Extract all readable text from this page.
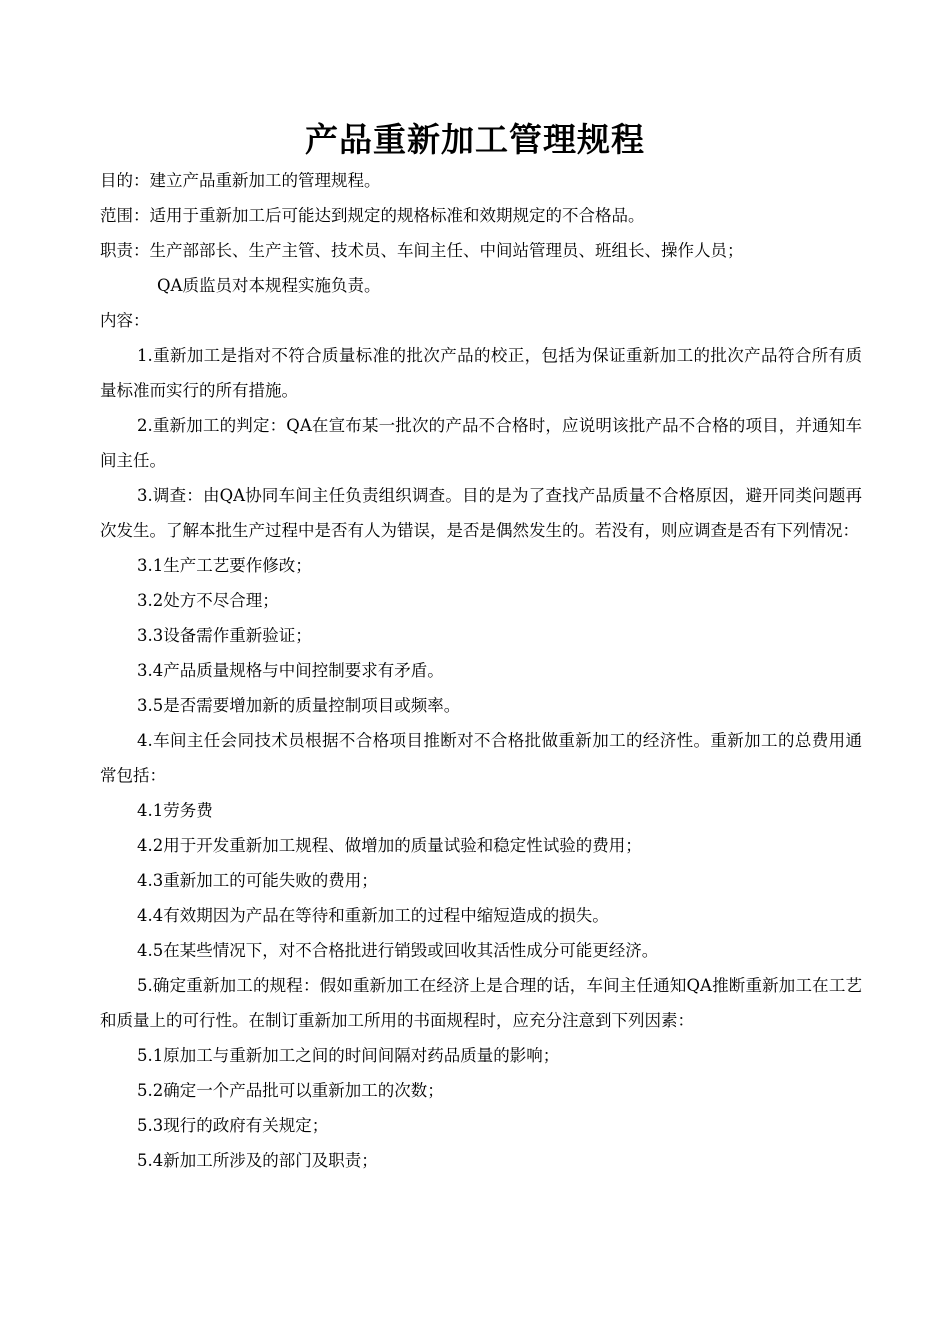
产品重新加工管理规程
目的：建立产品重新加工的管理规程。
范围：适用于重新加工后可能达到规定的规格标准和效期规定的不合格品。
职责：生产部部长、生产主管、技术员、车间主任、中间站管理员、班组长、操作人员；
QA质监员对本规程实施负责。
内容：
1.重新加工是指对不符合质量标准的批次产品的校正，包括为保证重新加工的批次产品符合所有质量标准而实行的所有措施。
2.重新加工的判定：QA在宣布某一批次的产品不合格时，应说明该批产品不合格的项目，并通知车间主任。
3.调查：由QA协同车间主任负责组织调查。目的是为了查找产品质量不合格原因，避开同类问题再次发生。了解本批生产过程中是否有人为错误，是否是偶然发生的。若没有，则应调查是否有下列情况：
3.1生产工艺要作修改；
3.2处方不尽合理；
3.3设备需作重新验证；
3.4产品质量规格与中间控制要求有矛盾。
3.5是否需要增加新的质量控制项目或频率。
4.车间主任会同技术员根据不合格项目推断对不合格批做重新加工的经济性。重新加工的总费用通常包括：
4.1劳务费
4.2用于开发重新加工规程、做增加的质量试验和稳定性试验的费用；
4.3重新加工的可能失败的费用；
4.4有效期因为产品在等待和重新加工的过程中缩短造成的损失。
4.5在某些情况下，对不合格批进行销毁或回收其活性成分可能更经济。
5.确定重新加工的规程：假如重新加工在经济上是合理的话，车间主任通知QA推断重新加工在工艺和质量上的可行性。在制订重新加工所用的书面规程时，应充分注意到下列因素：
5.1原加工与重新加工之间的时间间隔对药品质量的影响；
5.2确定一个产品批可以重新加工的次数；
5.3现行的政府有关规定；
5.4新加工所涉及的部门及职责；
